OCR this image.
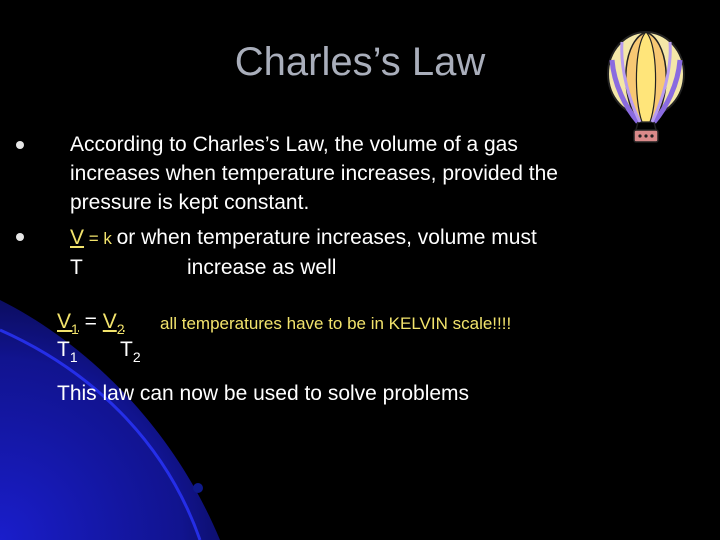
Charles’s Law
According to Charles’s Law, the volume of a gas
increases when temperature increases, provided the
pressure is kept constant.
V = k or when temperature increases, volume must
T	increase as well
$V_1 = V_2$ all temperatures have to be in KELVIN scale!!!!
$T_1$ $T_2$
This law can now be used to solve problems
